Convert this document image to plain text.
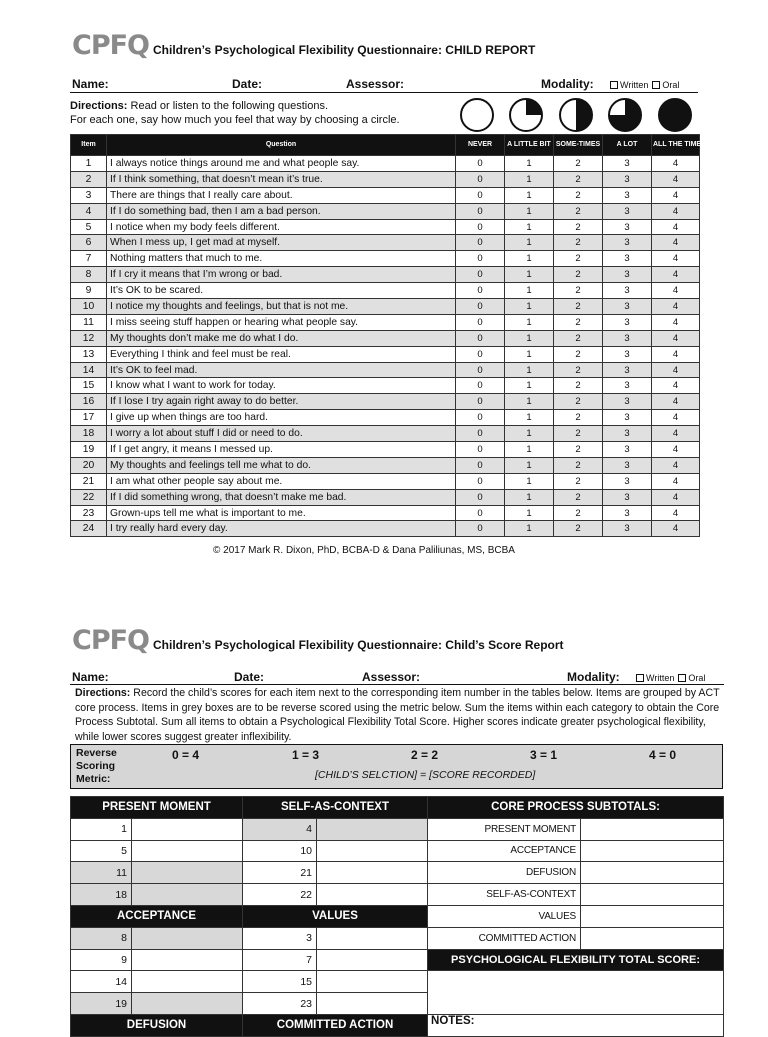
CPFQ Children’s Psychological Flexibility Questionnaire: CHILD REPORT
Name:	Date:	Assessor:	Modality:	Written Oral
Directions: Read or listen to the following questions.
For each one, say how much you feel that way by choosing a circle.
Item	Question	NEVER	A LITTLE BIT	SOME-TIMES	A LOT	ALL THE TIME
1	I always notice things around me and what people say.	0	1	2	3	4
2	If I think something, that doesn’t mean it’s true.	0	1	2	3	4
3	There are things that I really care about.	0	1	2	3	4
4	If I do something bad, then I am a bad person.	0	1	2	3	4
5	I notice when my body feels different.	0	1	2	3	4
6	When I mess up, I get mad at myself.	0	1	2	3	4
7	Nothing matters that much to me.	0	1	2	3	4
8	If I cry it means that I’m wrong or bad.	0	1	2	3	4
9	It’s OK to be scared.	0	1	2	3	4
10	I notice my thoughts and feelings, but that is not me.	0	1	2	3	4
11	I miss seeing stuff happen or hearing what people say.	0	1	2	3	4
12	My thoughts don’t make me do what I do.	0	1	2	3	4
13	Everything I think and feel must be real.	0	1	2	3	4
14	It’s OK to feel mad.	0	1	2	3	4
15	I know what I want to work for today.	0	1	2	3	4
16	If I lose I try again right away to do better.	0	1	2	3	4
17	I give up when things are too hard.	0	1	2	3	4
18	I worry a lot about stuff I did or need to do.	0	1	2	3	4
19	If I get angry, it means I messed up.	0	1	2	3	4
20	My thoughts and feelings tell me what to do.	0	1	2	3	4
21	I am what other people say about me.	0	1	2	3	4
22	If I did something wrong, that doesn’t make me bad.	0	1	2	3	4
23	Grown-ups tell me what is important to me.	0	1	2	3	4
24	I try really hard every day.	0	1	2	3	4
© 2017 Mark R. Dixon, PhD, BCBA-D & Dana Paliliunas, MS, BCBA
CPFQ Children’s Psychological Flexibility Questionnaire: Child’s Score Report
Name:	Date:	Assessor:	Modality:	Written Oral
Directions: Record the child’s scores for each item next to the corresponding item number in the tables below. Items are grouped by ACT core process. Items in grey boxes are to be reverse scored using the metric below. Sum the items within each category to obtain the Core Process Subtotal. Sum all items to obtain a Psychological Flexibility Total Score. Higher scores indicate greater psychological flexibility, while lower scores suggest greater inflexibility.
Reverse
Scoring
Metric:
0 = 4	1 = 3	2 = 2	3 = 1	4 = 0
[CHILD’S SELCTION] = [SCORE RECORDED]
PRESENT MOMENT		SELF-AS-CONTEXT		CORE PROCESS SUBTOTALS:	
1		4		PRESENT MOMENT	
5		10		ACCEPTANCE	
11		21		DEFUSION	
18		22		SELF-AS-CONTEXT	
ACCEPTANCE		VALUES		VALUES	
8		3		COMMITTED ACTION	
9		7		PSYCHOLOGICAL FLEXIBILITY TOTAL SCORE:	
14		15			
19		23			
DEFUSION		COMMITTED ACTION		NOTES:	
